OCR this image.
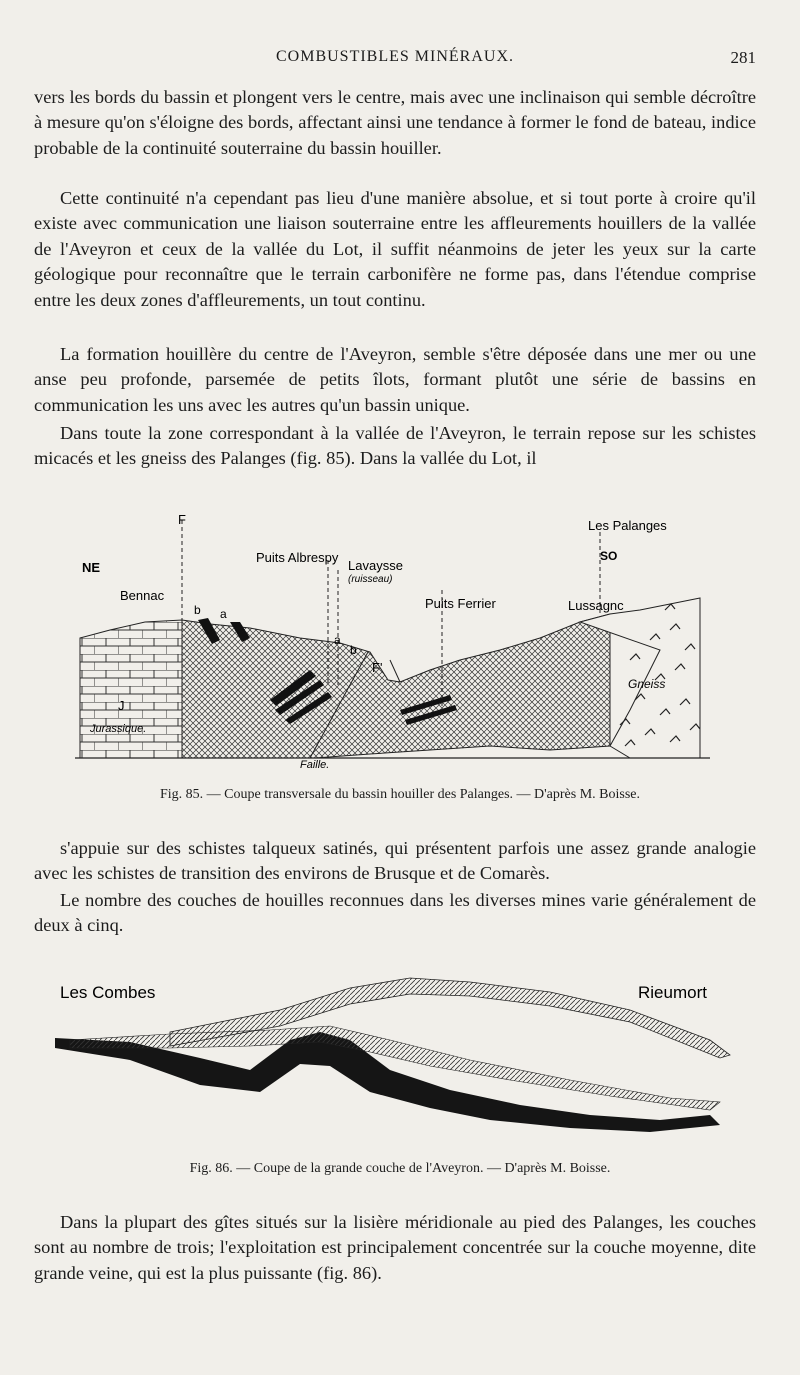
COMBUSTIBLES MINÉRAUX.	281

vers les bords du bassin et plongent vers le centre, mais avec une inclinaison qui semble décroître à mesure qu'on s'éloigne des bords, affectant ainsi une tendance à former le fond de bateau, indice probable de la continuité souterraine du bassin houiller.

Cette continuité n'a cependant pas lieu d'une manière absolue, et si tout porte à croire qu'il existe avec communication une liaison souterraine entre les affleurements houillers de la vallée de l'Aveyron et ceux de la vallée du Lot, il suffit néanmoins de jeter les yeux sur la carte géologique pour reconnaître que le terrain carbonifère ne forme pas, dans l'étendue comprise entre les deux zones d'affleurements, un tout continu.

La formation houillère du centre de l'Aveyron, semble s'être déposée dans une mer ou une anse peu profonde, parsemée de petits îlots, formant plutôt une série de bassins en communication les uns avec les autres qu'un bassin unique.

Dans toute la zone correspondant à la vallée de l'Aveyron, le terrain repose sur les schistes micacés et les gneiss des Palanges (fig. 85). Dans la vallée du Lot, il

NE
F
Bennac
b a
Puits Albrespy
Lavaysse
(ruisseau)
Puits Ferrier
Les Palanges
SO
Lussagnc
a
b
F'
Gneiss
J
Jurassique.
Faille.

Fig. 85. — Coupe transversale du bassin houiller des Palanges. — D'après M. Boisse.

s'appuie sur des schistes talqueux satinés, qui présentent parfois une assez grande analogie avec les schistes de transition des environs de Brusque et de Comarès.

Le nombre des couches de houilles reconnues dans les diverses mines varie généralement de deux à cinq.

Les Combes	Rieumort

Fig. 86. — Coupe de la grande couche de l'Aveyron. — D'après M. Boisse.

Dans la plupart des gîtes situés sur la lisière méridionale au pied des Palanges, les couches sont au nombre de trois; l'exploitation est principalement concentrée sur la couche moyenne, dite grande veine, qui est la plus puissante (fig. 86).
